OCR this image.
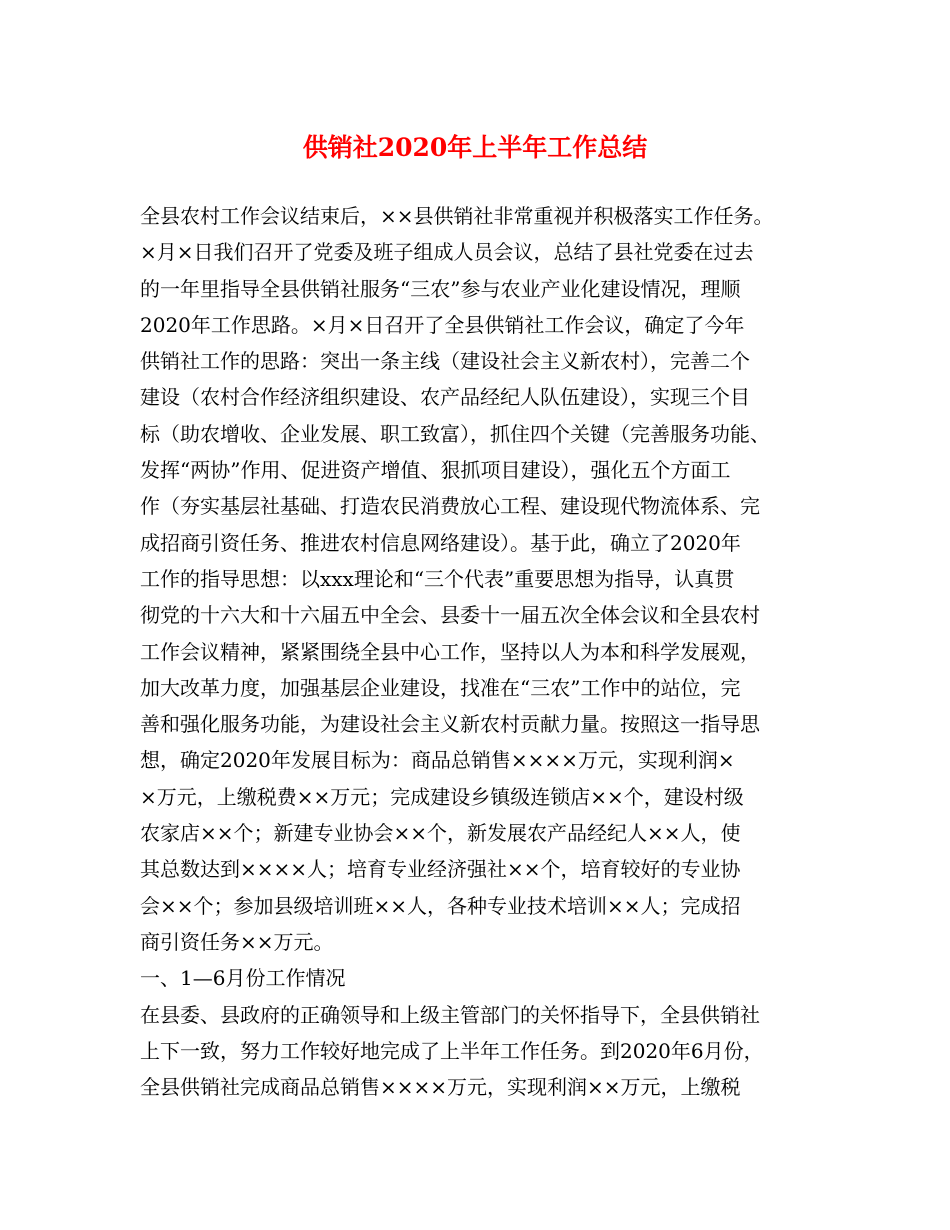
供销社2020年上半年工作总结
全县农村工作会议结束后，××县供销社非常重视并积极落实工作任务。
×月×日我们召开了党委及班子组成人员会议，总结了县社党委在过去
的一年里指导全县供销社服务“三农”参与农业产业化建设情况，理顺
2020年工作思路。×月×日召开了全县供销社工作会议，确定了今年
供销社工作的思路：突出一条主线（建设社会主义新农村），完善二个
建设（农村合作经济组织建设、农产品经纪人队伍建设），实现三个目
标（助农增收、企业发展、职工致富），抓住四个关键（完善服务功能、
发挥“两协”作用、促进资产增值、狠抓项目建设），强化五个方面工
作（夯实基层社基础、打造农民消费放心工程、建设现代物流体系、完
成招商引资任务、推进农村信息网络建设）。基于此，确立了2020年
工作的指导思想：以xxx理论和“三个代表”重要思想为指导，认真贯
彻党的十六大和十六届五中全会、县委十一届五次全体会议和全县农村
工作会议精神，紧紧围绕全县中心工作，坚持以人为本和科学发展观，
加大改革力度，加强基层企业建设，找准在“三农”工作中的站位，完
善和强化服务功能，为建设社会主义新农村贡献力量。按照这一指导思
想，确定2020年发展目标为：商品总销售××××万元，实现利润×
×万元，上缴税费××万元；完成建设乡镇级连锁店××个，建设村级
农家店××个；新建专业协会××个，新发展农产品经纪人××人，使
其总数达到××××人；培育专业经济强社××个，培育较好的专业协
会××个；参加县级培训班××人，各种专业技术培训××人；完成招
商引资任务××万元。
一、1—6月份工作情况
在县委、县政府的正确领导和上级主管部门的关怀指导下，全县供销社
上下一致，努力工作较好地完成了上半年工作任务。到2020年6月份，
全县供销社完成商品总销售××××万元，实现利润××万元，上缴税
